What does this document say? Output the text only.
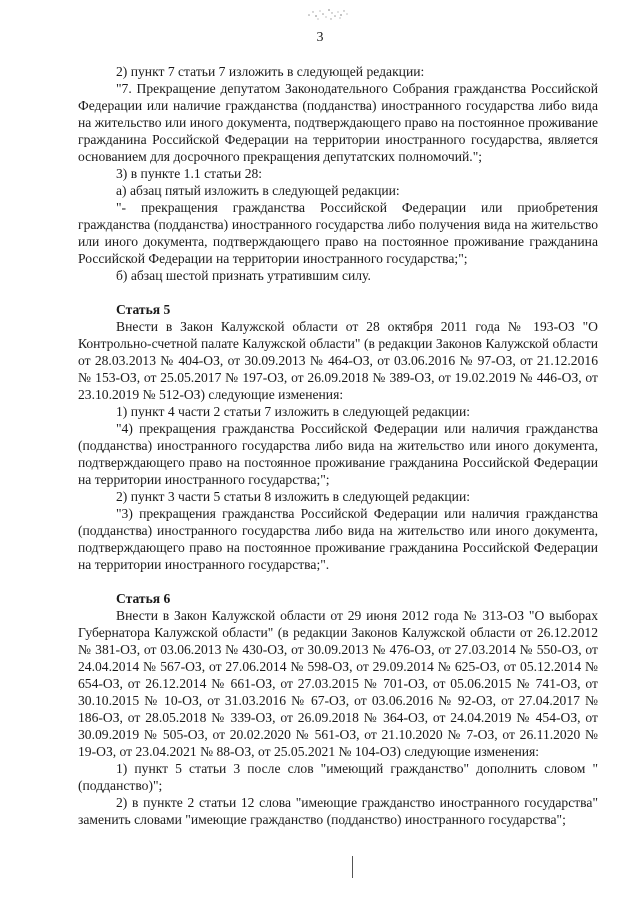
3

2) пункт 7 статьи 7 изложить в следующей редакции:

"7. Прекращение депутатом Законодательного Собрания гражданства Российской Федерации или наличие гражданства (подданства) иностранного государства либо вида на жительство или иного документа, подтверждающего право на постоянное проживание гражданина Российской Федерации на территории иностранного государства, является основанием для досрочного прекращения депутатских полномочий.";

3) в пункте 1.1 статьи 28:

а) абзац пятый изложить в следующей редакции:

"- прекращения гражданства Российской Федерации или приобретения гражданства (подданства) иностранного государства либо получения вида на жительство или иного документа, подтверждающего право на постоянное проживание гражданина Российской Федерации на территории иностранного государства;";

б) абзац шестой признать утратившим силу.

Статья 5

Внести в Закон Калужской области от 28 октября 2011 года № 193-ОЗ "О Контрольно-счетной палате Калужской области" (в редакции Законов Калужской области от 28.03.2013 № 404-ОЗ, от 30.09.2013 № 464-ОЗ, от 03.06.2016 № 97-ОЗ, от 21.12.2016 № 153-ОЗ, от 25.05.2017 № 197-ОЗ, от 26.09.2018 № 389-ОЗ, от 19.02.2019 № 446-ОЗ, от 23.10.2019 № 512-ОЗ) следующие изменения:

1) пункт 4 части 2 статьи 7 изложить в следующей редакции:

"4) прекращения гражданства Российской Федерации или наличия гражданства (подданства) иностранного государства либо вида на жительство или иного документа, подтверждающего право на постоянное проживание гражданина Российской Федерации на территории иностранного государства;";

2) пункт 3 части 5 статьи 8 изложить в следующей редакции:

"3) прекращения гражданства Российской Федерации или наличия гражданства (подданства) иностранного государства либо вида на жительство или иного документа, подтверждающего право на постоянное проживание гражданина Российской Федерации на территории иностранного государства;".

Статья 6

Внести в Закон Калужской области от 29 июня 2012 года № 313-ОЗ "О выборах Губернатора Калужской области" (в редакции Законов Калужской области от 26.12.2012 № 381-ОЗ, от 03.06.2013 № 430-ОЗ, от 30.09.2013 № 476-ОЗ, от 27.03.2014 № 550-ОЗ, от 24.04.2014 № 567-ОЗ, от 27.06.2014 № 598-ОЗ, от 29.09.2014 № 625-ОЗ, от 05.12.2014 № 654-ОЗ, от 26.12.2014 № 661-ОЗ, от 27.03.2015 № 701-ОЗ, от 05.06.2015 № 741-ОЗ, от 30.10.2015 № 10-ОЗ, от 31.03.2016 № 67-ОЗ, от 03.06.2016 № 92-ОЗ, от 27.04.2017 № 186-ОЗ, от 28.05.2018 № 339-ОЗ, от 26.09.2018 № 364-ОЗ, от 24.04.2019 № 454-ОЗ, от 30.09.2019 № 505-ОЗ, от 20.02.2020 № 561-ОЗ, от 21.10.2020 № 7-ОЗ, от 26.11.2020 № 19-ОЗ, от 23.04.2021 № 88-ОЗ, от 25.05.2021 № 104-ОЗ) следующие изменения:

1) пункт 5 статьи 3 после слов "имеющий гражданство" дополнить словом "(подданство)";

2) в пункте 2 статьи 12 слова "имеющие гражданство иностранного государства" заменить словами "имеющие гражданство (подданство) иностранного государства";
